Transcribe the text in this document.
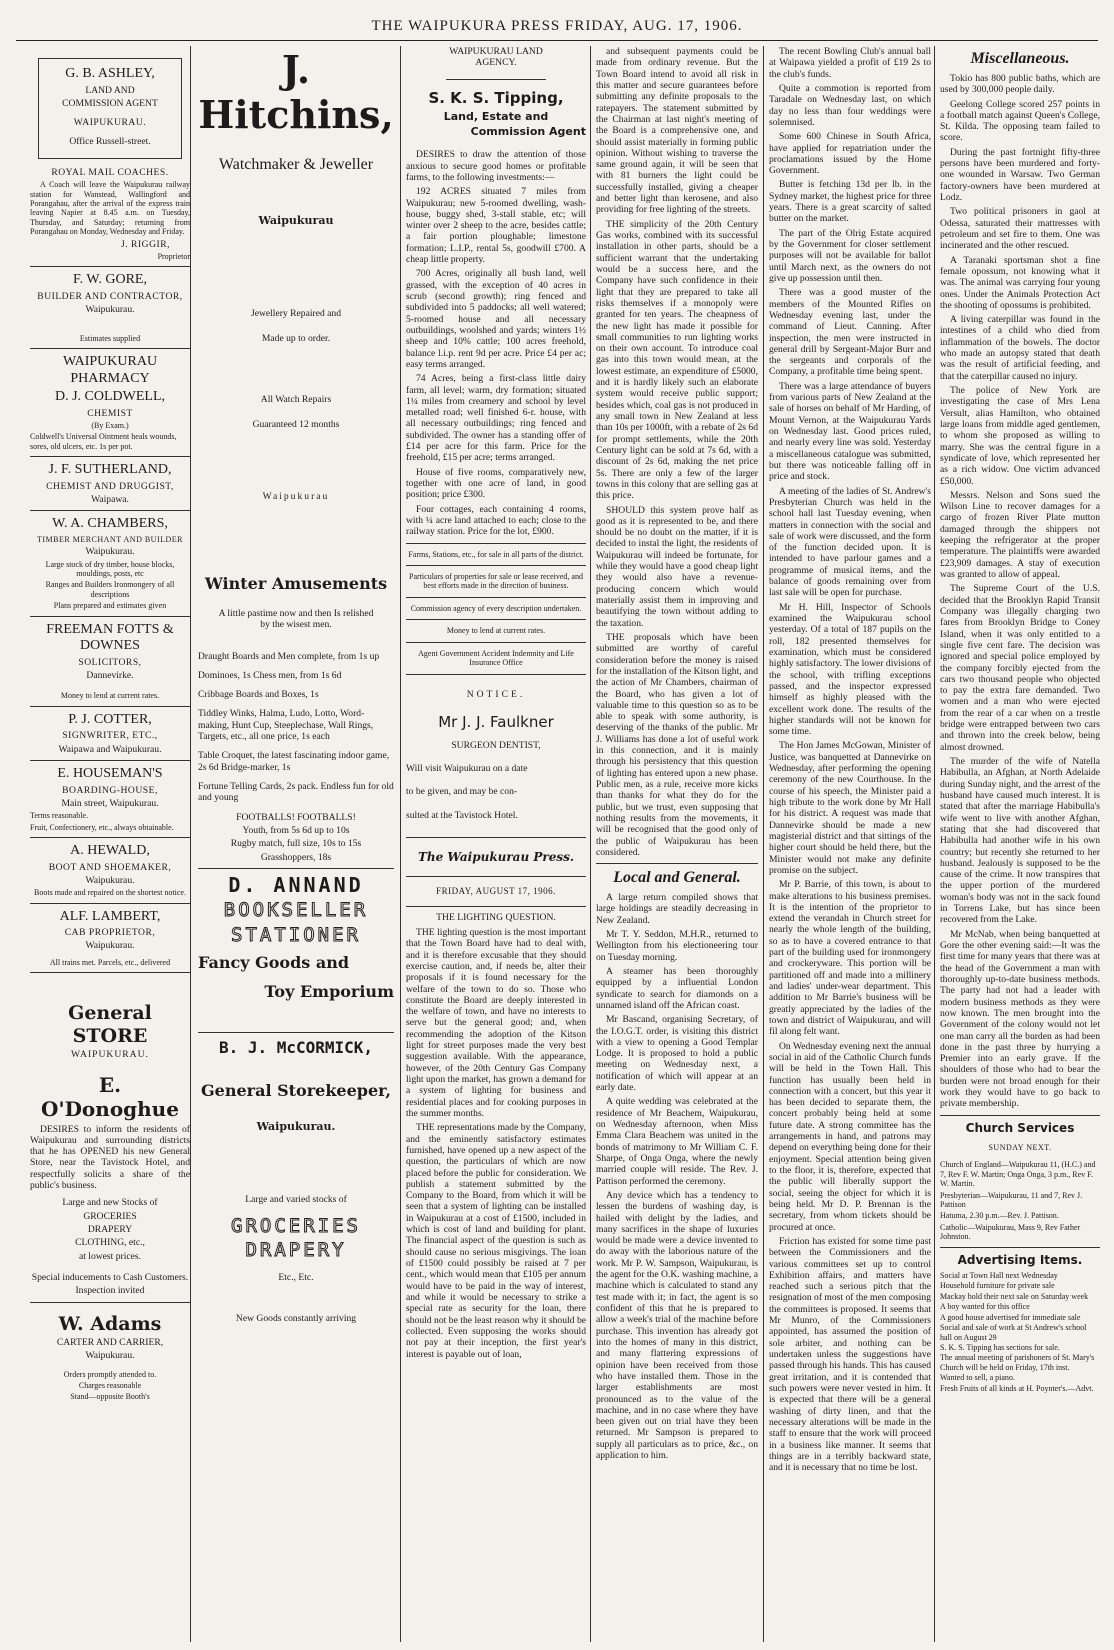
THE WAIPUKURA PRESS FRIDAY, AUG. 17, 1906.

G. B. ASHLEY,

LAND AND

COMMISSION AGENT

WAIPUKURAU.

Office Russell-street.

ROYAL MAIL COACHES.

A Coach will leave the Waipukurau railway station for Wanstead, Wallingford and Porangahau, after the arrival of the express train leaving Napier at 8.45 a.m. on Tuesday, Thursday, and Saturday; returning from Porangahau on Monday, Wednesday and Friday.

J. RIGGIR,

Proprietor

F. W. GORE,

BUILDER AND CONTRACTOR,

Waipukurau.

Estimates supplied

WAIPUKURAU PHARMACY

D. J. COLDWELL,

CHEMIST

(By Exam.)

Coldwell's Universal Ointment heals wounds, sores, old ulcers, etc. 1s per pot.

J. F. SUTHERLAND,

CHEMIST AND DRUGGIST,

Waipawa.

W. A. CHAMBERS,

TIMBER MERCHANT AND BUILDER

Waipukurau.

Large stock of dry timber, house blocks, mouldings, posts, etc

Ranges and Builders Ironmongery of all descriptions

Plans prepared and estimates given

FREEMAN FOTTS & DOWNES

SOLICITORS,

Dannevirke.

Money to lend at current rates.

P. J. COTTER,

SIGNWRITER, ETC.,

Waipawa and Waipukurau.

E. HOUSEMAN'S

BOARDING-HOUSE,

Main street, Waipukurau.

Terms reasonable.

Fruit, Confectionery, etc., always obtainable.

A. HEWALD,

BOOT AND SHOEMAKER,

Waipukurau.

Boots made and repaired on the shortest notice.

ALF. LAMBERT,

CAB PROPRIETOR,

Waipukurau.

All trains met. Parcels, etc., delivered

General STORE

WAIPUKURAU.

E. O'Donoghue

DESIRES to inform the residents of Waipukurau and surrounding districts that he has OPENED his new General Store, near the Tavistock Hotel, and respectfully solicits a share of the public's business.

Large and new Stocks of

GROCERIES

DRAPERY

CLOTHING, etc.,

at lowest prices.

Special inducements to Cash Customers.

Inspection invited

W. Adams

CARTER AND CARRIER,

Waipukurau.

Orders promptly attended to.

Charges reasonable

Stand—opposite Booth's

J. Hitchins,

Watchmaker & Jeweller

Waipukurau

Jewellery Repaired and

Made up to order.

All Watch Repairs

Guaranteed 12 months

Waipukurau

Winter Amusements

A little pastime now and then Is relished by the wisest men.

Draught Boards and Men complete, from 1s up

Dominoes, 1s Chess men, from 1s 6d

Cribbage Boards and Boxes, 1s

Tiddley Winks, Halma, Ludo, Lotto, Word-making, Hunt Cup, Steeplechase, Wall Rings, Targets, etc., all one price, 1s each

Table Croquet, the latest fascinating indoor game, 2s 6d Bridge-marker, 1s

Fortune Telling Cards, 2s pack. Endless fun for old and young

FOOTBALLS! FOOTBALLS!

Youth, from 5s 6d up to 10s

Rugby match, full size, 10s to 15s

Grasshoppers, 18s

D. ANNAND

BOOKSELLER

STATIONER

Fancy Goods and

Toy Emporium

B. J. McCORMICK,

General Storekeeper,

Waipukurau.

Large and varied stocks of

GROCERIES

DRAPERY

Etc., Etc.

New Goods constantly arriving

WAIPUKURAU LAND

AGENCY.

S. K. S. Tipping,

Land, Estate and

Commission Agent

DESIRES to draw the attention of those anxious to secure good homes or profitable farms, to the following investments:—

192 ACRES situated 7 miles from Waipukurau; new 5-roomed dwelling, wash-house, buggy shed, 3-stall stable, etc; will winter over 2 sheep to the acre, besides cattle; a fair portion ploughable; limestone formation; L.I.P., rental 5s, goodwill £700. A cheap little property.

700 Acres, originally all bush land, well grassed, with the exception of 40 acres in scrub (second growth); ring fenced and subdivided into 5 paddocks; all well watered; 5-roomed house and all necessary outbuildings, woolshed and yards; winters 1½ sheep and 10% cattle; 100 acres freehold, balance l.i.p. rent 9d per acre. Price £4 per ac; easy terms arranged.

74 Acres, being a first-class little dairy farm, all level; warm, dry formation; situated 1¼ miles from creamery and school by level metalled road; well finished 6-r. house, with all necessary outbuildings; ring fenced and subdivided. The owner has a standing offer of £14 per acre for this farm. Price for the freehold, £15 per acre; terms arranged.

House of five rooms, comparatively new, together with one acre of land, in good position; price £300.

Four cottages, each containing 4 rooms, with ¼ acre land attached to each; close to the railway station. Price for the lot, £900.

Farms, Stations, etc., for sale in all parts of the district.

Particulars of properties for sale or lease received, and best efforts made in the direction of business.

Commission agency of every description undertaken.

Money to lend at current rates.

Agent Government Accident Indemnity and Life Insurance Office

NOTICE.

Mr J. J. Faulkner

SURGEON DENTIST,

Will visit Waipukurau on a date

to be given, and may be con-

sulted at the Tavistock Hotel.

The Waipukurau Press.

FRIDAY, AUGUST 17, 1906.

THE LIGHTING QUESTION.

THE lighting question is the most important that the Town Board have had to deal with, and it is therefore excusable that they should exercise caution, and, if needs be, alter their proposals if it is found necessary for the welfare of the town to do so. Those who constitute the Board are deeply interested in the welfare of town, and have no interests to serve but the general good; and, when recommending the adoption of the Kitson light for street purposes made the very best suggestion available. With the appearance, however, of the 20th Century Gas Company light upon the market, has grown a demand for a system of lighting for business and residential places and for cooking purposes in the summer months.

THE representations made by the Company, and the eminently satisfactory estimates furnished, have opened up a new aspect of the question, the particulars of which are now placed before the public for consideration. We publish a statement submitted by the Company to the Board, from which it will be seen that a system of lighting can be installed in Waipukurau at a cost of £1500, included in which is cost of land and building for plant. The financial aspect of the question is such as should cause no serious misgivings. The loan of £1500 could possibly be raised at 7 per cent., which would mean that £105 per annum would have to be paid in the way of interest, and while it would be necessary to strike a special rate as security for the loan, there should not be the least reason why it should be collected. Even supposing the works should not pay at their inception, the first year's interest is payable out of loan,

and subsequent payments could be made from ordinary revenue. But the Town Board intend to avoid all risk in this matter and secure guarantees before submitting any definite proposals to the ratepayers. The statement submitted by the Chairman at last night's meeting of the Board is a comprehensive one, and should assist materially in forming public opinion. Without wishing to traverse the same ground again, it will be seen that with 81 burners the light could be successfully installed, giving a cheaper and better light than kerosene, and also providing for free lighting of the streets.

THE simplicity of the 20th Century Gas works, combined with its successful installation in other parts, should be a sufficient warrant that the undertaking would be a success here, and the Company have such confidence in their light that they are prepared to take all risks themselves if a monopoly were granted for ten years. The cheapness of the new light has made it possible for small communities to run lighting works on their own account. To introduce coal gas into this town would mean, at the lowest estimate, an expenditure of £5000, and it is hardly likely such an elaborate system would receive public support; besides which, coal gas is not produced in any small town in New Zealand at less than 10s per 1000ft, with a rebate of 2s 6d for prompt settlements, while the 20th Century light can be sold at 7s 6d, with a discount of 2s 6d, making the net price 5s. There are only a few of the larger towns in this colony that are selling gas at this price.

SHOULD this system prove half as good as it is represented to be, and there should be no doubt on the matter, if it is decided to instal the light, the residents of Waipukurau will indeed be fortunate, for while they would have a good cheap light they would also have a revenue-producing concern which would materially assist them in improving and beautifying the town without adding to the taxation.

THE proposals which have been submitted are worthy of careful consideration before the money is raised for the installation of the Kitson light, and the action of Mr Chambers, chairman of the Board, who has given a lot of valuable time to this question so as to be able to speak with some authority, is deserving of the thanks of the public. Mr J. Williams has done a lot of useful work in this connection, and it is mainly through his persistency that this question of lighting has entered upon a new phase. Public men, as a rule, receive more kicks than thanks for what they do for the public, but we trust, even supposing that nothing results from the movements, it will be recognised that the good only of the public of Waipukurau has been considered.

Local and General.

A large return compiled shows that large holdings are steadily decreasing in New Zealand.

Mr T. Y. Seddon, M.H.R., returned to Wellington from his electioneering tour on Tuesday morning.

A steamer has been thoroughly equipped by a influential London syndicate to search for diamonds on a unnamed island off the African coast.

Mr Bascand, organising Secretary, of the I.O.G.T. order, is visiting this district with a view to opening a Good Templar Lodge. It is proposed to hold a public meeting on Wednesday next, a notification of which will appear at an early date.

A quite wedding was celebrated at the residence of Mr Beachem, Waipukurau, on Wednesday afternoon, when Miss Emma Clara Beachem was united in the bonds of matrimony to Mr William C. F. Sharpe, of Onga Onga, where the newly married couple will reside. The Rev. J. Pattison performed the ceremony.

Any device which has a tendency to lessen the burdens of washing day, is hailed with delight by the ladies, and many sacrifices in the shape of luxuries would be made were a device invented to do away with the laborious nature of the work. Mr P. W. Sampson, Waipukurau, is the agent for the O.K. washing machine, a machine which is calculated to stand any test made with it; in fact, the agent is so confident of this that he is prepared to allow a week's trial of the machine before purchase. This invention has already got into the homes of many in this district, and many flattering expressions of opinion have been received from those who have installed them. Those in the larger establishments are most pronounced as to the value of the machine, and in no case where they have been given out on trial have they been returned. Mr Sampson is prepared to supply all particulars as to price, &c., on application to him.

The recent Bowling Club's annual ball at Waipawa yielded a profit of £19 2s to the club's funds.

Quite a commotion is reported from Taradale on Wednesday last, on which day no less than four weddings were solemnised.

Some 600 Chinese in South Africa, have applied for repatriation under the proclamations issued by the Home Government.

Butter is fetching 13d per lb. in the Sydney market, the highest price for three years. There is a great scarcity of salted butter on the market.

The part of the Olrig Estate acquired by the Government for closer settlement purposes will not be available for ballot until March next, as the owners do not give up possession until then.

There was a good muster of the members of the Mounted Rifles on Wednesday evening last, under the command of Lieut. Canning. After inspection, the men were instructed in general drill by Sergeant-Major Burr and the sergeants and corporals of the Company, a profitable time being spent.

There was a large attendance of buyers from various parts of New Zealand at the sale of horses on behalf of Mr Harding, of Mount Vernon, at the Waipukurau Yards on Wednesday last. Good prices ruled, and nearly every line was sold. Yesterday a miscellaneous catalogue was submitted, but there was noticeable falling off in price and stock.

A meeting of the ladies of St. Andrew's Presbyterian Church was held in the school hall last Tuesday evening, when matters in connection with the social and sale of work were discussed, and the form of the function decided upon. It is intended to have parlour games and a programme of musical items, and the balance of goods remaining over from last sale will be open for purchase.

Mr H. Hill, Inspector of Schools examined the Waipukurau school yesterday. Of a total of 187 pupils on the roll, 182 presented themselves for examination, which must be considered highly satisfactory. The lower divisions of the school, with trifling exceptions passed, and the inspector expressed himself as highly pleased with the excellent work done. The results of the higher standards will not be known for some time.

The Hon James McGowan, Minister of Justice, was banquetted at Dannevirke on Wednesday, after performing the opening ceremony of the new Courthouse. In the course of his speech, the Minister paid a high tribute to the work done by Mr Hall for his district. A request was made that Dannevirke should be made a new magisterial district and that sittings of the higher court should be held there, but the Minister would not make any definite promise on the subject.

Mr P. Barrie, of this town, is about to make alterations to his business premises. It is the intention of the proprietor to extend the verandah in Church street for nearly the whole length of the building, so as to have a covered entrance to that part of the building used for ironmongery and crockeryware. This portion will be partitioned off and made into a millinery and ladies' under-wear department. This addition to Mr Barrie's business will be greatly appreciated by the ladies of the town and district of Waipukurau, and will fil along felt want.

On Wednesday evening next the annual social in aid of the Catholic Church funds will be held in the Town Hall. This function has usually been held in connection with a concert, but this year it has been decided to separate them, the concert probably being held at some future date. A strong committee has the arrangements in hand, and patrons may depend on everything being done for their enjoyment. Special attention being given to the floor, it is, therefore, expected that the public will liberally support the social, seeing the object for which it is being held. Mr D. P. Brennan is the secretary, from whom tickets should be procured at once.

Friction has existed for some time past between the Commissioners and the various committees set up to control Exhibition affairs, and matters have reached such a serious pitch that the resignation of most of the men composing the committees is proposed. It seems that Mr Munro, of the Commissioners appointed, has assumed the position of sole arbiter, and nothing can be undertaken unless the suggestions have passed through his hands. This has caused great irritation, and it is contended that such powers were never vested in him. It is expected that there will be a general washing of dirty linen, and that the necessary alterations will be made in the staff to ensure that the work will proceed in a business like manner. It seems that things are in a terribly backward state, and it is necessary that no time be lost.

Miscellaneous.

Tokio has 800 public baths, which are used by 300,000 people daily.

Geelong College scored 257 points in a football match against Queen's College, St. Kilda. The opposing team failed to score.

During the past fortnight fifty-three persons have been murdered and forty-one wounded in Warsaw. Two German factory-owners have been murdered at Lodz.

Two political prisoners in gaol at Odessa, saturated their mattresses with petroleum and set fire to them. One was incinerated and the other rescued.

A Taranaki sportsman shot a fine female opossum, not knowing what it was. The animal was carrying four young ones. Under the Animals Protection Act the shooting of opossums is prohibited.

A living caterpillar was found in the intestines of a child who died from inflammation of the bowels. The doctor who made an autopsy stated that death was the result of artificial feeding, and that the caterpillar caused no injury.

The police of New York are investigating the case of Mrs Lena Versult, alias Hamilton, who obtained large loans from middle aged gentlemen, to whom she proposed as willing to marry. She was the central figure in a syndicate of love, which represented her as a rich widow. One victim advanced £50,000.

Messrs. Nelson and Sons sued the Wilson Line to recover damages for a cargo of frozen River Plate mutton damaged through the shippers not keeping the refrigerator at the proper temperature. The plaintiffs were awarded £23,909 damages. A stay of execution was granted to allow of appeal.

The Supreme Court of the U.S. decided that the Brooklyn Rapid Transit Company was illegally charging two fares from Brooklyn Bridge to Coney Island, when it was only entitled to a single five cent fare. The decision was ignored and special police employed by the company forcibly ejected from the cars two thousand people who objected to pay the extra fare demanded. Two women and a man who were ejected from the rear of a car when on a trestle bridge were entrapped between two cars and thrown into the creek below, being almost drowned.

The murder of the wife of Natella Habibulla, an Afghan, at North Adelaide during Sunday night, and the arrest of the husband have caused much interest. It is stated that after the marriage Habibulla's wife went to live with another Afghan, stating that she had discovered that Habibulla had another wife in his own country; but recently she returned to her husband. Jealously is supposed to be the cause of the crime. It now transpires that the upper portion of the murdered woman's body was not in the sack found in Torrens Lake, but has since been recovered from the Lake.

Mr McNab, when being banquetted at Gore the other evening said:—It was the first time for many years that there was at the head of the Government a man with thoroughly up-to-date business methods. The party had not had a leader with modern business methods as they were now known. The men brought into the Government of the colony would not let one man carry all the burden as had been done in the past three by hurrying a Premier into an early grave. If the shoulders of those who had to bear the burden were not broad enough for their work they would have to go back to private membership.

Church Services

SUNDAY NEXT.

Church of England—Waipukurau 11, (H.C.) and 7, Rev F. W. Martin; Onga Onga, 3 p.m., Rev F. W. Martin.

Presbyterian—Waipukurau, 11 and 7, Rev J. Pattison

Hatuma, 2.30 p.m.—Rev. J. Pattison.

Catholic—Waipukurau, Mass 9, Rev Father Johnston.

Advertising Items.

Social at Town Hall next Wednesday

Household furniture for private sale

Mackay hold their next sale on Saturday week

A boy wanted for this office

A good house advertised for immediate sale

Social and sale of work at St Andrew's school hall on August 29

S. K. S. Tipping has sections for sale.

The annual meeting of parishoners of St. Mary's Church will be held on Friday, 17th inst.

Wanted to sell, a piano.

Fresh Fruits of all kinds at H. Poynter's.—Advt.
